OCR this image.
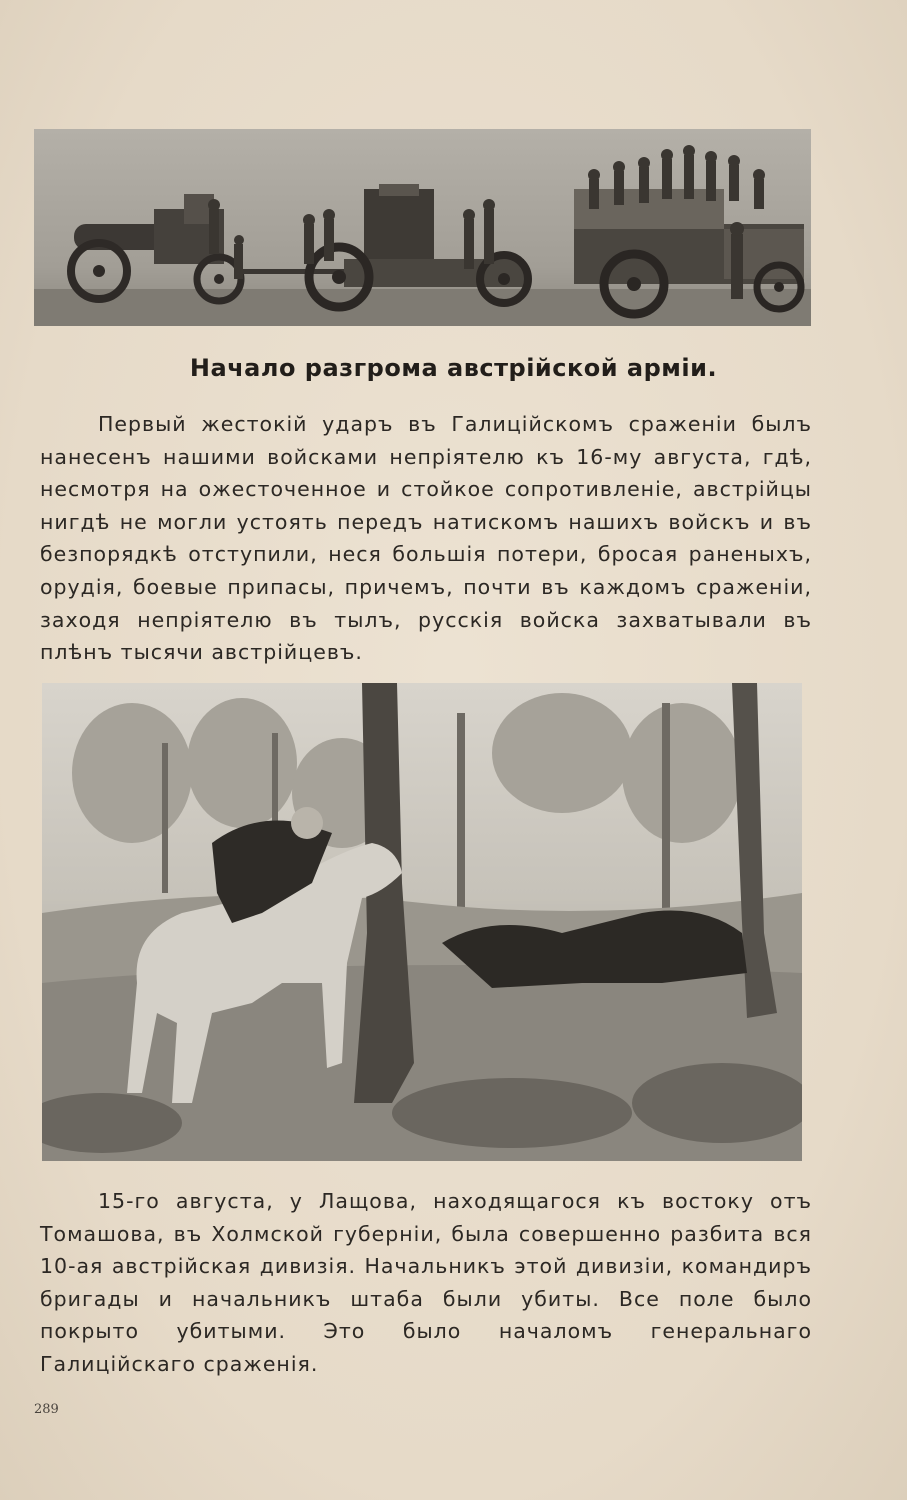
Начало разгрома австрiйской армiи.

Первый жестокiй ударъ въ Галицiйскомъ сраженiи былъ нанесенъ нашими войсками непрiятелю къ 16-му августа, гдѣ, несмотря на ожесточенное и стойкое сопротивленiе, австрiйцы нигдѣ не могли устоять передъ натискомъ нашихъ войскъ и въ безпорядкѣ отступили, неся большiя потери, бросая раненыхъ, орудiя, боевые припасы, причемъ, почти въ каждомъ сраженiи, заходя непрiятелю въ тылъ, русскiя войска захватывали въ плѣнъ тысячи австрiйцевъ.

15-го августа, у Лащова, находящагося къ востоку отъ Томашова, въ Холмской губернiи, была совершенно разбита вся 10-ая австрiйская дивизiя. Начальникъ этой дивизiи, командиръ бригады и начальникъ штаба были убиты. Все поле было покрыто убитыми. Это было началомъ генеральнаго Галицiйскаго сраженiя.

289
